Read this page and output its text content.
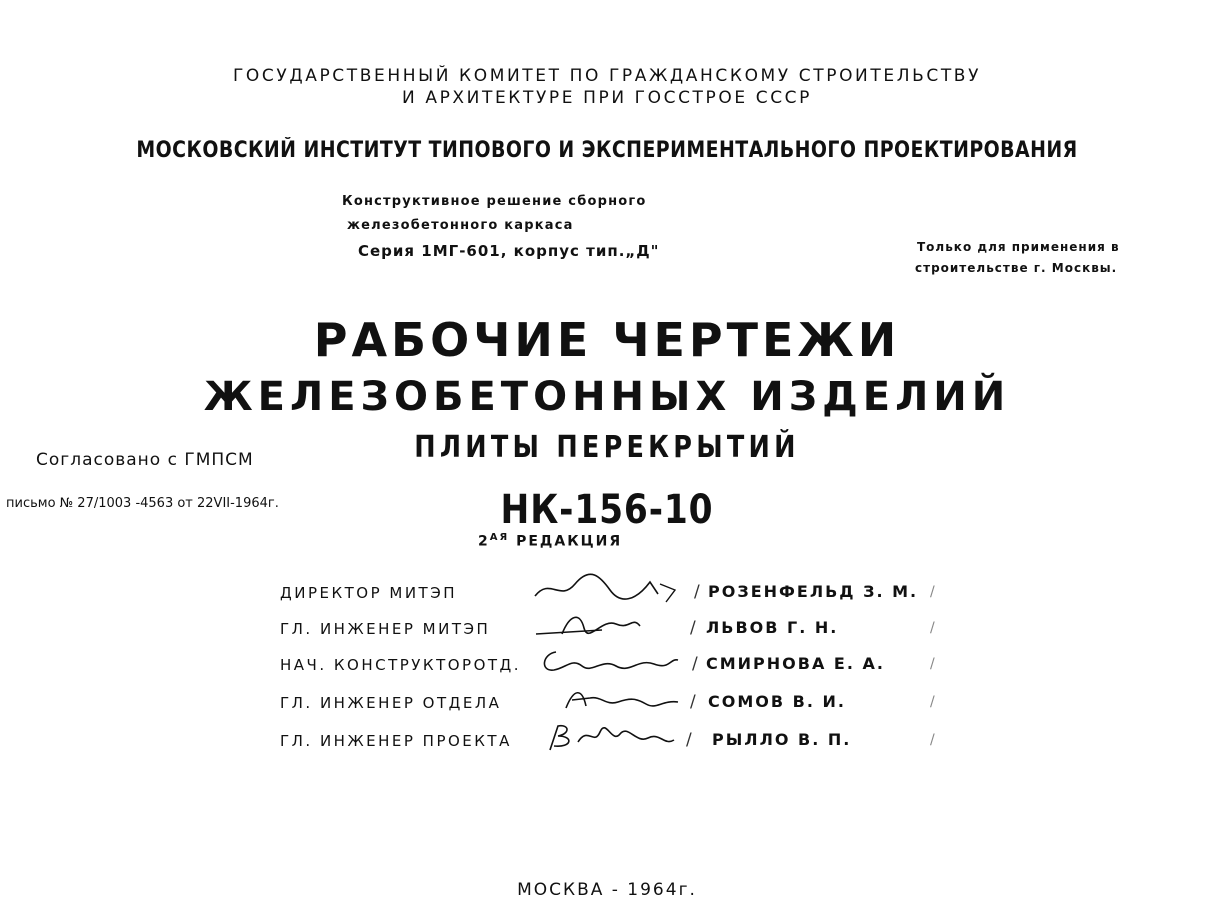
ГОСУДАРСТВЕННЫЙ КОМИТЕТ ПО ГРАЖДАНСКОМУ СТРОИТЕЛЬСТВУ
И АРХИТЕКТУРЕ ПРИ ГОССТРОЕ СССР
МОСКОВСКИЙ ИНСТИТУТ ТИПОВОГО И ЭКСПЕРИМЕНТАЛЬНОГО ПРОЕКТИРОВАНИЯ
Конструктивное решение сборного
железобетонного каркаса
Серия 1МГ-601, корпус тип.„Д"	Только для применения в
строительстве г. Москвы.
РАБОЧИЕ ЧЕРТЕЖИ
ЖЕЛЕЗОБЕТОННЫХ ИЗДЕЛИЙ
ПЛИТЫ ПЕРЕКРЫТИЙ
Согласовано с ГМПСМ
письмо № 27/1003 -4563 от 22VII-1964г.	НК-156-10
$2^{АЯ}$ РЕДАКЦИЯ
ДИРЕКТОР МИТЭП	/ РОЗЕНФЕЛЬД З. М. /
ГЛ. ИНЖЕНЕР МИТЭП	/ ЛЬВОВ Г. Н.	/
НАЧ. КОНСТРУКТОРОТД.	/ СМИРНОВА Е. А.	/
ГЛ. ИНЖЕНЕР ОТДЕЛА	/ СОМОВ В. И.	/
ГЛ. ИНЖЕНЕР ПРОЕКТА	/ РЫЛЛО В. П.	/
МОСКВА - 1964г.
